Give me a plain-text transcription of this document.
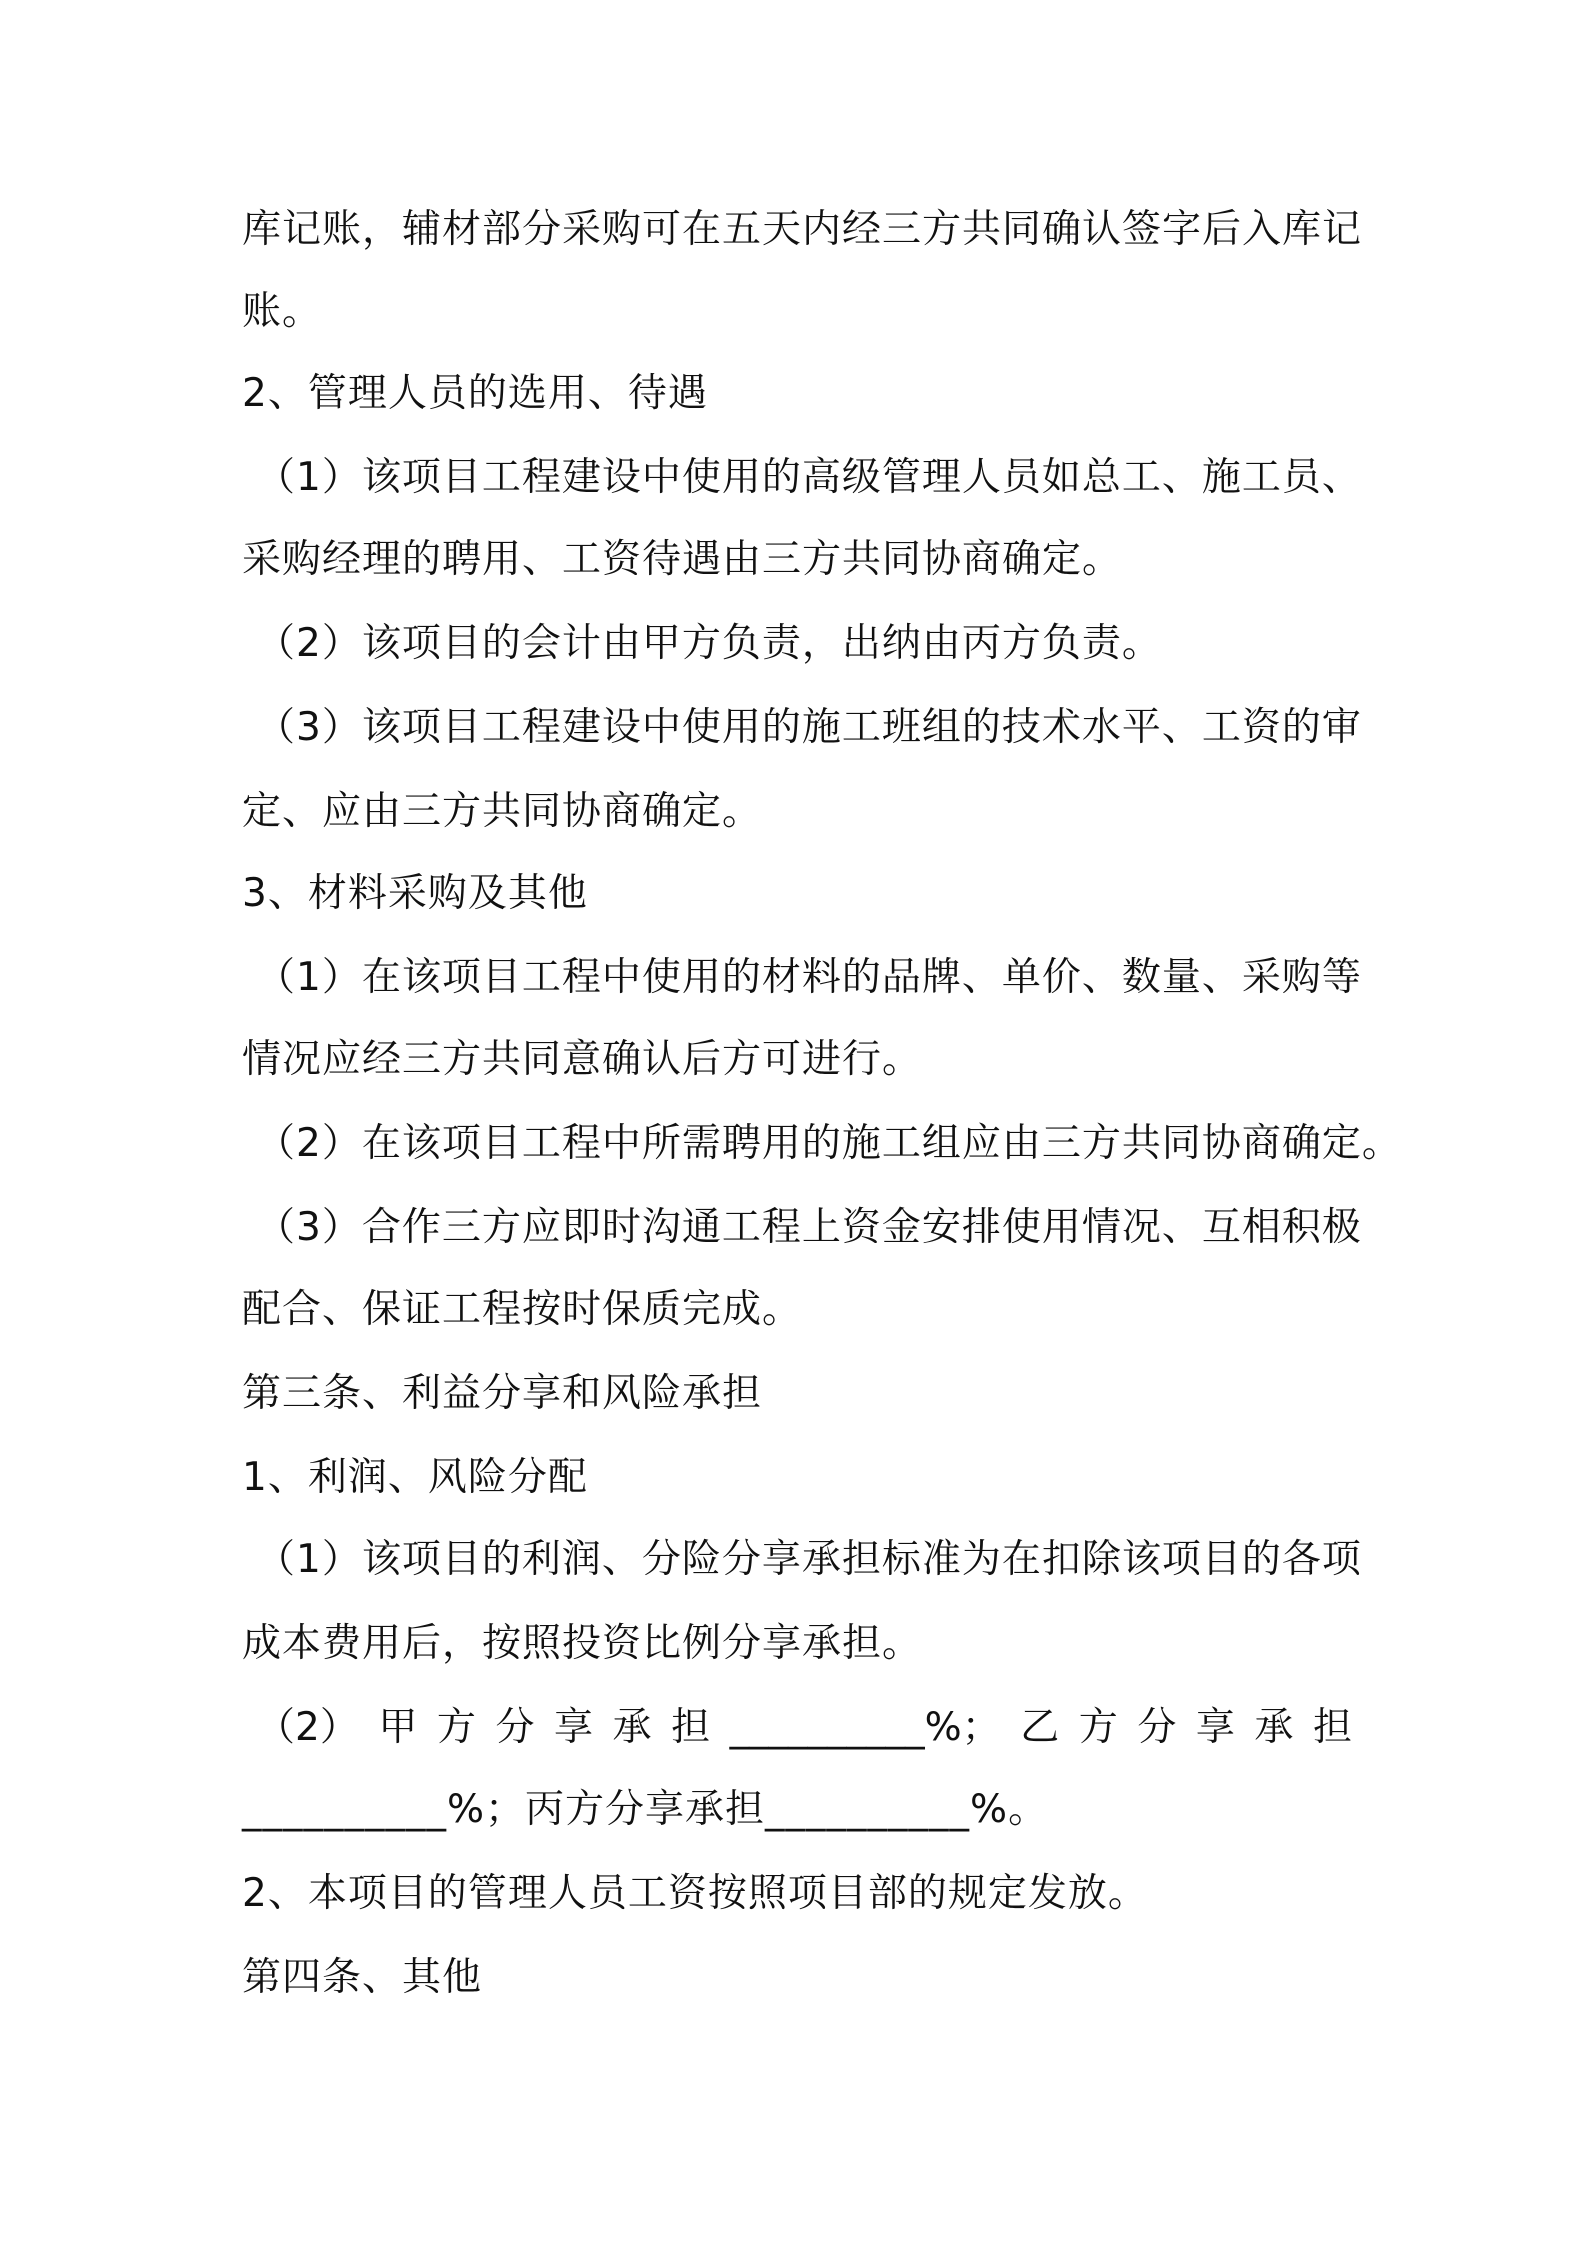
库记账，辅材部分采购可在五天内经三方共同确认签字后入库记
账。
2、管理人员的选用、待遇
（1）该项目工程建设中使用的高级管理人员如总工、施工员、
采购经理的聘用、工资待遇由三方共同协商确定。
（2）该项目的会计由甲方负责，出纳由丙方负责。
（3）该项目工程建设中使用的施工班组的技术水平、工资的审
定、应由三方共同协商确定。
3、材料采购及其他
（1）在该项目工程中使用的材料的品牌、单价、数量、采购等
情况应经三方共同意确认后方可进行。
（2）在该项目工程中所需聘用的施工组应由三方共同协商确定。
（3）合作三方应即时沟通工程上资金安排使用情况、互相积极
配合、保证工程按时保质完成。
第三条、利益分享和风险承担
1、利润、风险分配
（1）该项目的利润、分险分享承担标准为在扣除该项目的各项
成本费用后，按照投资比例分享承担。
（2） 甲 方 分 享 承 担 __________%； 乙 方 分 享 承 担
__________%；丙方分享承担__________%。
2、本项目的管理人员工资按照项目部的规定发放。
第四条、其他
